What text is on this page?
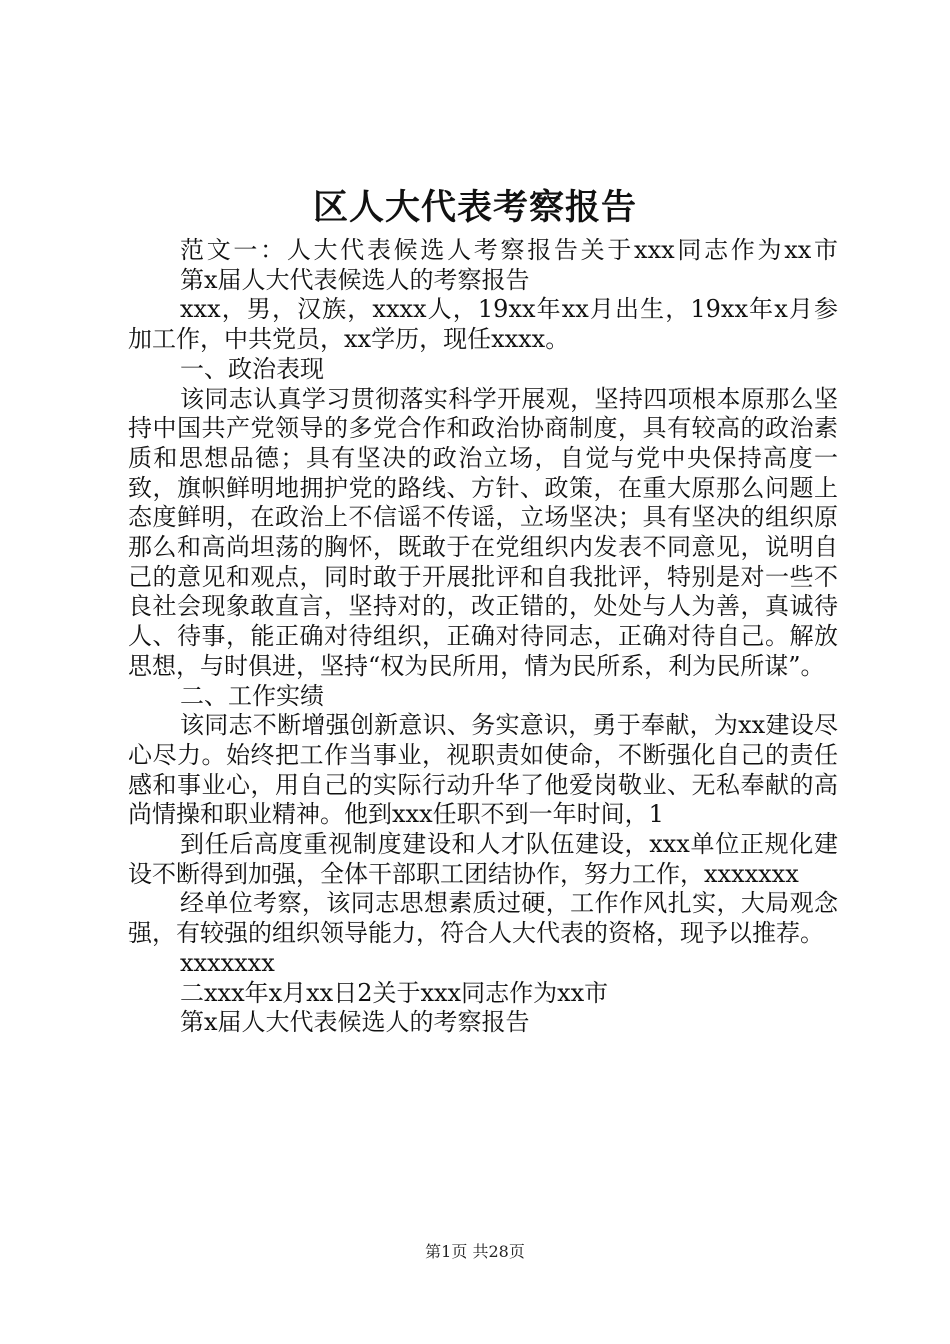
区人大代表考察报告

范文一：人大代表候选人考察报告关于xxx同志作为xx市

第x届人大代表候选人的考察报告

xxx，男，汉族，xxxx人，19xx年xx月出生，19xx年x月参加工作，中共党员，xx学历，现任xxxx。

一、政治表现

该同志认真学习贯彻落实科学开展观，坚持四项根本原那么坚持中国共产党领导的多党合作和政治协商制度，具有较高的政治素质和思想品德；具有坚决的政治立场，自觉与党中央保持高度一致，旗帜鲜明地拥护党的路线、方针、政策，在重大原那么问题上态度鲜明，在政治上不信谣不传谣，立场坚决；具有坚决的组织原那么和高尚坦荡的胸怀，既敢于在党组织内发表不同意见，说明自己的意见和观点，同时敢于开展批评和自我批评，特别是对一些不良社会现象敢直言，坚持对的，改正错的，处处与人为善，真诚待人、待事，能正确对待组织，正确对待同志，正确对待自己。解放思想，与时俱进，坚持“权为民所用，情为民所系，利为民所谋”。

二、工作实绩

该同志不断增强创新意识、务实意识，勇于奉献，为xx建设尽心尽力。始终把工作当事业，视职责如使命，不断强化自己的责任感和事业心，用自己的实际行动升华了他爱岗敬业、无私奉献的高尚情操和职业精神。他到xxx任职不到一年时间，1

到任后高度重视制度建设和人才队伍建设，xxx单位正规化建设不断得到加强，全体干部职工团结协作，努力工作，xxxxxxx

经单位考察，该同志思想素质过硬，工作作风扎实，大局观念强，有较强的组织领导能力，符合人大代表的资格，现予以推荐。

xxxxxxx

二xxx年x月xx日2关于xxx同志作为xx市

第x届人大代表候选人的考察报告

第1页 共28页
